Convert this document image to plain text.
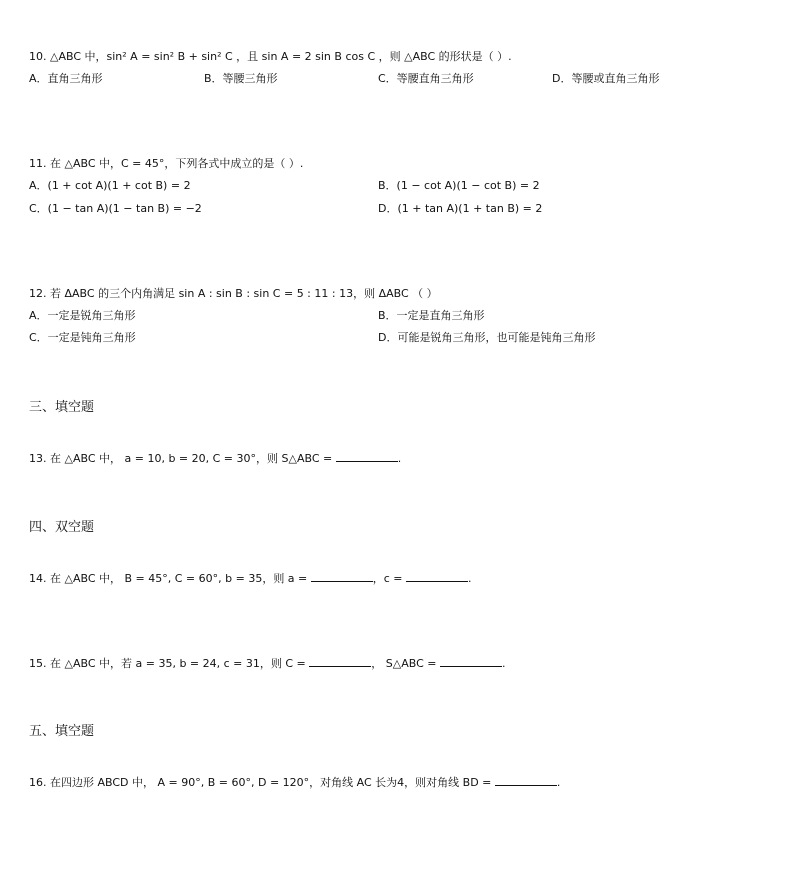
10. △ABC 中，sin² A = sin² B + sin² C ，且 sin A = 2 sin B cos C ，则 △ABC 的形状是（ ）.
A．直角三角形	B．等腰三角形	C．等腰直角三角形	D．等腰或直角三角形
11. 在 △ABC 中，C = 45°，下列各式中成立的是（ ）.
A．(1 + cot A)(1 + cot B) = 2	B．(1 − cot A)(1 − cot B) = 2
C．(1 − tan A)(1 − tan B) = −2	D．(1 + tan A)(1 + tan B) = 2
12. 若 ΔABC 的三个内角满足 sin A : sin B : sin C = 5 : 11 : 13，则 ΔABC （ ）
A．一定是锐角三角形	B．一定是直角三角形
C．一定是钝角三角形	D．可能是锐角三角形，也可能是钝角三角形
三、填空题
13. 在 △ABC 中， a = 10, b = 20, C = 30°，则 S△ABC =	.
四、双空题
14. 在 △ABC 中， B = 45°, C = 60°, b = 35，则 a =	，c =	.
15. 在 △ABC 中，若 a = 35, b = 24, c = 31，则 C =	， S△ABC =	.
五、填空题
16. 在四边形 ABCD 中， A = 90°, B = 60°, D = 120°，对角线 AC 长为4，则对角线 BD =	.
